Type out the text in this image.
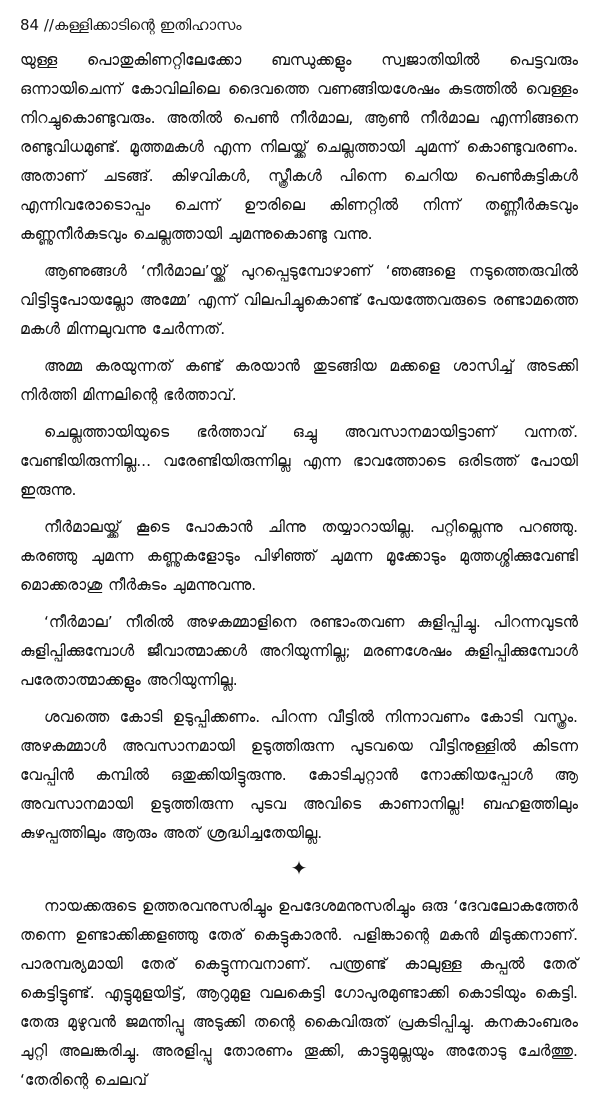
84 //കള്ളിക്കാടിന്റെ ഇതിഹാസം

യുള്ള പൊതുകിണറ്റിലേക്കോ ബന്ധുക്കളും സ്വജാതിയിൽ പെട്ടവരും ഒന്നായിചെന്ന് കോവിലിലെ ദൈവത്തെ വണങ്ങിയശേഷം കുടത്തിൽ വെള്ളം നിറച്ചുകൊണ്ടുവരും. അതിൽ പെൺ നീർമാല, ആൺ നീർമാല എന്നിങ്ങനെ രണ്ടുവിധമുണ്ട്. മൂത്തമകൾ എന്ന നിലയ്ക്ക് ചെല്ലത്തായി ചുമന്ന് കൊണ്ടുവരണം. അതാണ് ചടങ്ങ്. കിഴവികൾ, സ്ത്രീകൾ പിന്നെ ചെറിയ പെൺകുട്ടികൾ എന്നിവരോടൊപ്പം ചെന്ന് ഊരിലെ കിണറ്റിൽ നിന്ന് തണ്ണീർകുടവും കണ്ണുനീർകുടവും ചെല്ലത്തായി ചുമന്നുകൊണ്ടു വന്നു.

ആണുങ്ങൾ ‘നീർമാല’യ്ക്ക് പുറപ്പെടുമ്പോഴാണ് ‘ഞങ്ങളെ നടുത്തെരുവിൽ വിട്ടിട്ടുപോയല്ലോ അമ്മേ’ എന്ന് വിലപിച്ചുകൊണ്ട് പേയത്തേവരുടെ രണ്ടാമത്തെ മകൾ മിന്നലുവന്നു ചേർന്നത്.

അമ്മ കരയുന്നത് കണ്ട് കരയാൻ തുടങ്ങിയ മക്കളെ ശാസിച്ച് അടക്കി നിർത്തി മിന്നലിന്റെ ഭർത്താവ്.

ചെല്ലത്തായിയുടെ ഭർത്താവ് ഒച്ചു അവസാനമായിട്ടാണ് വന്നത്. വേണ്ടിയിരുന്നില്ല... വരേണ്ടിയിരുന്നില്ല എന്ന ഭാവത്തോടെ ഒരിടത്ത് പോയി ഇരുന്നു.

നീർമാലയ്ക്ക് കൂടെ പോകാൻ ചിന്നു തയ്യാറായില്ല. പറ്റില്ലെന്നു പറഞ്ഞു. കരഞ്ഞു ചുമന്ന കണ്ണുകളോടും പിഴിഞ്ഞ് ചുമന്ന മൂക്കോടും മുത്തശ്ശിക്കുവേണ്ടി മൊക്കരാശു നീർകുടം ചുമന്നുവന്നു.

‘നീർമാല’ നീരിൽ അഴകമ്മാളിനെ രണ്ടാംതവണ കുളിപ്പിച്ചു. പിറന്നവുടൻ കുളിപ്പിക്കുമ്പോൾ ജീവാത്മാക്കൾ അറിയുന്നില്ല; മരണശേഷം കുളിപ്പിക്കുമ്പോൾ പരേതാത്മാക്കളും അറിയുന്നില്ല.

ശവത്തെ കോടി ഉടുപ്പിക്കണം. പിറന്ന വീട്ടിൽ നിന്നാവണം കോടി വസ്ത്രം. അഴകമ്മാൾ അവസാനമായി ഉടുത്തിരുന്ന പുടവയെ വീട്ടിനുള്ളിൽ കിടന്ന വേപ്പിൻ കമ്പിൽ ഒതുക്കിയിട്ടുരുന്നു. കോടിചുറ്റാൻ നോക്കിയപ്പോൾ ആ അവസാനമായി ഉടുത്തിരുന്ന പുടവ അവിടെ കാണാനില്ല! ബഹളത്തിലും കുഴപ്പത്തിലും ആരും അത് ശ്രദ്ധിച്ചതേയില്ല.

✦

നായക്കരുടെ ഉത്തരവനുസരിച്ചും ഉപദേശമനുസരിച്ചും ഒരു ‘ദേവലോകത്തേർ തന്നെ ഉണ്ടാക്കിക്കളഞ്ഞു തേര് കെട്ടുകാരൻ. പളിങ്കാന്റെ മകൻ മിടുക്കനാണ്. പാരമ്പര്യമായി തേര് കെട്ടുന്നവനാണ്. പന്ത്രണ്ട് കാലുള്ള കപ്പൽ തേര് കെട്ടിട്ടുണ്ട്. എട്ടുമുളയിട്ട്, ആറുമുള വലകെട്ടി ഗോപുരമുണ്ടാക്കി കൊടിയും കെട്ടി. തേരു മുഴുവൻ ജമന്തിപ്പൂ അടുക്കി തന്റെ കൈവിരുത് പ്രകടിപ്പിച്ചു. കനകാംബരം ചുറ്റി അലങ്കരിച്ചു. അരളിപ്പൂ തോരണം തൂക്കി, കാട്ടുമുല്ലയും അതോടു ചേർത്തു. ‘തേരിന്റെ ചെലവ്
